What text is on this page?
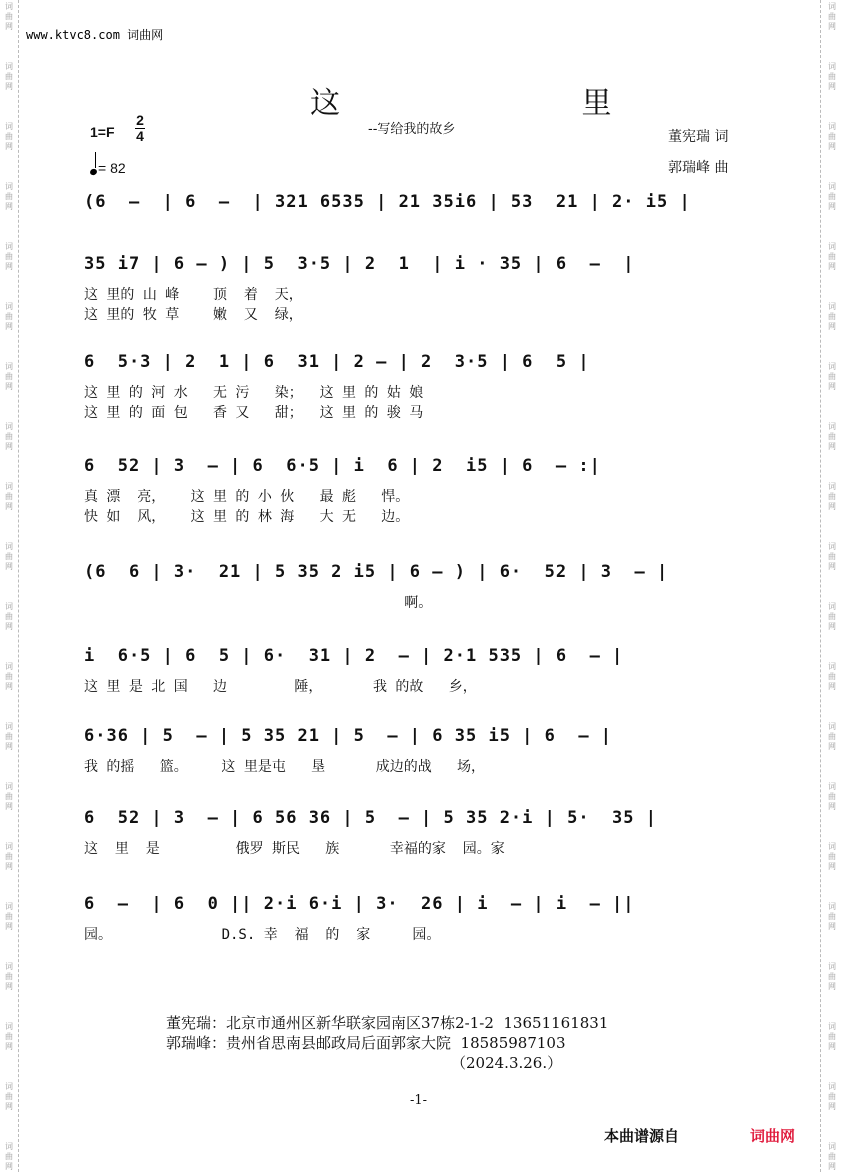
词
曲
网
词
曲
网
词
曲
网
词
曲
网
词
曲
网
词
曲
网
词
曲
网
词
曲
网
词
曲
网
词
曲
网
词
曲
网
词
曲
网
词
曲
网
词
曲
网
词
曲
网
词
曲
网
词
曲
网
词
曲
网
词
曲
网
词
曲
网
词
曲
网
词
曲
网
词
曲
网
词
曲
网
词
曲
网
词
曲
网
词
曲
网
词
曲
网
词
曲
网
词
曲
网
词
曲
网
词
曲
网
词
曲
网
词
曲
网
词
曲
网
词
曲
网
词
曲
网
词
曲
网
词
曲
网
词
曲
网
www.ktvc8.com 词曲网
这 里
--写给我的故乡	董宪瑞 词
郭瑞峰 曲
1=F
2
4
= 82
(6  –  | 6  –  | 321 6535 | 21 35i6 | 53  21 | 2· i5 |
35 i7 | 6 – ) | 5  3·5 | 2  1  | i · 35 | 6  –  |
这 里的 山 峰    顶  着  天，
这 里的 牧 草    嫩  又  绿，
6  5·3 | 2  1 | 6  31 | 2 – | 2  3·5 | 6  5 |
这 里 的 河 水   无 污   染；  这 里 的 姑 娘
这 里 的 面 包   香 又   甜；  这 里 的 骏 马
6  52 | 3  – | 6  6·5 | i  6 | 2  i5 | 6  – :|
真 漂  亮，   这 里 的 小 伙   最 彪   悍。
快 如  风，   这 里 的 林 海   大 无   边。
(6  6 | 3·  21 | 5 35 2 i5 | 6 – ) | 6·  52 | 3  – |
啊。
i  6·5 | 6  5 | 6·  31 | 2  – | 2·1 535 | 6  – |
这 里 是 北 国   边        陲，      我 的故   乡，
6·36 | 5  – | 5 35 21 | 5  – | 6 35 i5 | 6  – |
我 的摇   篮。    这 里是屯   垦      成边的战   场，
6  52 | 3  – | 6 56 36 | 5  – | 5 35 2·i | 5·  35 |
这  里  是         俄罗 斯民   族      幸福的家  园。家
6  –  | 6  0 || 2·i 6·i | 3·  26 | i  – | i  – ||
园。             D.S. 幸  福  的  家     园。
董宪瑞：北京市通州区新华联家园南区37栋2-1-2  13651161831
郭瑞峰：贵州省思南县邮政局后面郭家大院  18585987103
（2024.3.26.）
-1-
本曲谱源自	词曲网
